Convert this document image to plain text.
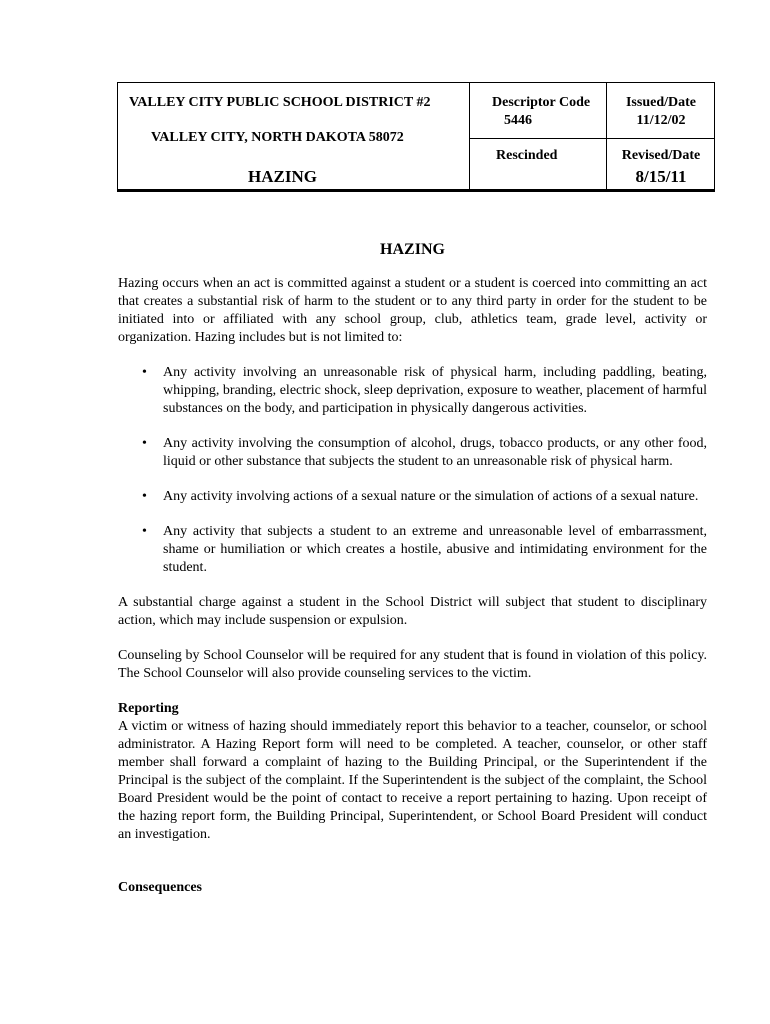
VALLEY CITY PUBLIC SCHOOL DISTRICT #2
VALLEY CITY, NORTH DAKOTA 58072
HAZING
Descriptor Code
5446
Rescinded
Issued/Date
11/12/02
Revised/Date
8/15/11
HAZING

Hazing occurs when an act is committed against a student or a student is coerced into committing an act that creates a substantial risk of harm to the student or to any third party in order for the student to be initiated into or affiliated with any school group, club, athletics team, grade level, activity or organization. Hazing includes but is not limited to:

• Any activity involving an unreasonable risk of physical harm, including paddling, beating, whipping, branding, electric shock, sleep deprivation, exposure to weather, placement of harmful substances on the body, and participation in physically dangerous activities.
• Any activity involving the consumption of alcohol, drugs, tobacco products, or any other food, liquid or other substance that subjects the student to an unreasonable risk of physical harm.
• Any activity involving actions of a sexual nature or the simulation of actions of a sexual nature.
• Any activity that subjects a student to an extreme and unreasonable level of embarrassment, shame or humiliation or which creates a hostile, abusive and intimidating environment for the student.

A substantial charge against a student in the School District will subject that student to disciplinary action, which may include suspension or expulsion.

Counseling by School Counselor will be required for any student that is found in violation of this policy. The School Counselor will also provide counseling services to the victim.

Reporting

A victim or witness of hazing should immediately report this behavior to a teacher, counselor, or school administrator. A Hazing Report form will need to be completed. A teacher, counselor, or other staff member shall forward a complaint of hazing to the Building Principal, or the Superintendent if the Principal is the subject of the complaint. If the Superintendent is the subject of the complaint, the School Board President would be the point of contact to receive a report pertaining to hazing. Upon receipt of the hazing report form, the Building Principal, Superintendent, or School Board President will conduct an investigation.

Consequences
